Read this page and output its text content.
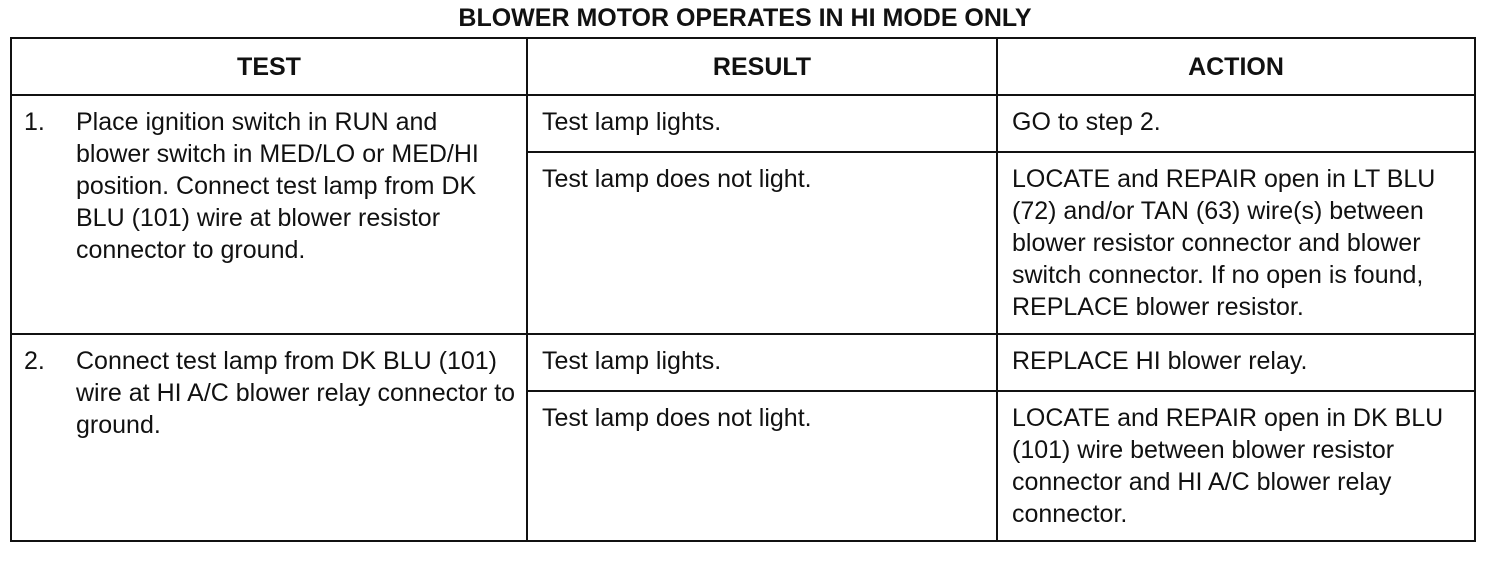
BLOWER MOTOR OPERATES IN HI MODE ONLY
TEST	RESULT	ACTION

1. Place ignition switch in RUN and blower switch in MED/LO or MED/HI position. Connect test lamp from DK BLU (101) wire at blower resistor connector to ground.	Test lamp lights.	GO to step 2.
	Test lamp does not light.	LOCATE and REPAIR open in LT BLU (72) and/or TAN (63) wire(s) between blower resistor connector and blower switch connector. If no open is found, REPLACE blower resistor.

2. Connect test lamp from DK BLU (101) wire at HI A/C blower relay connector to ground.	Test lamp lights.	REPLACE HI blower relay.
	Test lamp does not light.	LOCATE and REPAIR open in DK BLU (101) wire between blower resistor connector and HI A/C blower relay connector.
